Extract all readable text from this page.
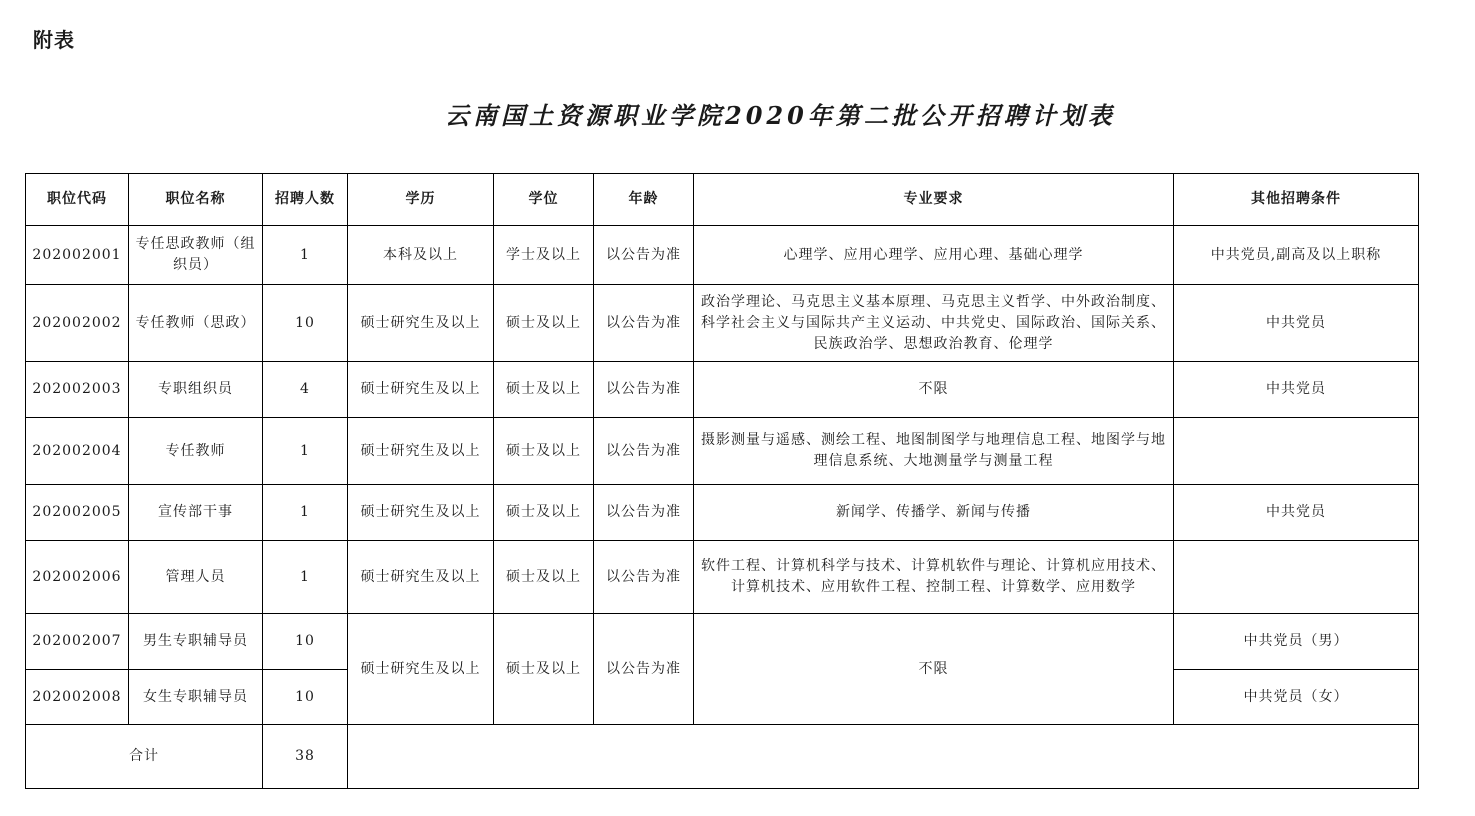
附表
云南国土资源职业学院2020年第二批公开招聘计划表
职位代码	职位名称	招聘人数	学历	学位	年龄	专业要求	其他招聘条件
202002001	专任思政教师（组织员）	1	本科及以上	学士及以上	以公告为准	心理学、应用心理学、应用心理、基础心理学	中共党员,副高及以上职称
202002002	专任教师（思政）	10	硕士研究生及以上	硕士及以上	以公告为准	政治学理论、马克思主义基本原理、马克思主义哲学、中外政治制度、科学社会主义与国际共产主义运动、中共党史、国际政治、国际关系、民族政治学、思想政治教育、伦理学	中共党员
202002003	专职组织员	4	硕士研究生及以上	硕士及以上	以公告为准	不限	中共党员
202002004	专任教师	1	硕士研究生及以上	硕士及以上	以公告为准	摄影测量与遥感、测绘工程、地图制图学与地理信息工程、地图学与地理信息系统、大地测量学与测量工程	
202002005	宣传部干事	1	硕士研究生及以上	硕士及以上	以公告为准	新闻学、传播学、新闻与传播	中共党员
202002006	管理人员	1	硕士研究生及以上	硕士及以上	以公告为准	软件工程、计算机科学与技术、计算机软件与理论、计算机应用技术、计算机技术、应用软件工程、控制工程、计算数学、应用数学	
202002007	男生专职辅导员	10	硕士研究生及以上	硕士及以上	以公告为准	不限	中共党员（男）
202002008	女生专职辅导员	10					中共党员（女）
合计		38					
